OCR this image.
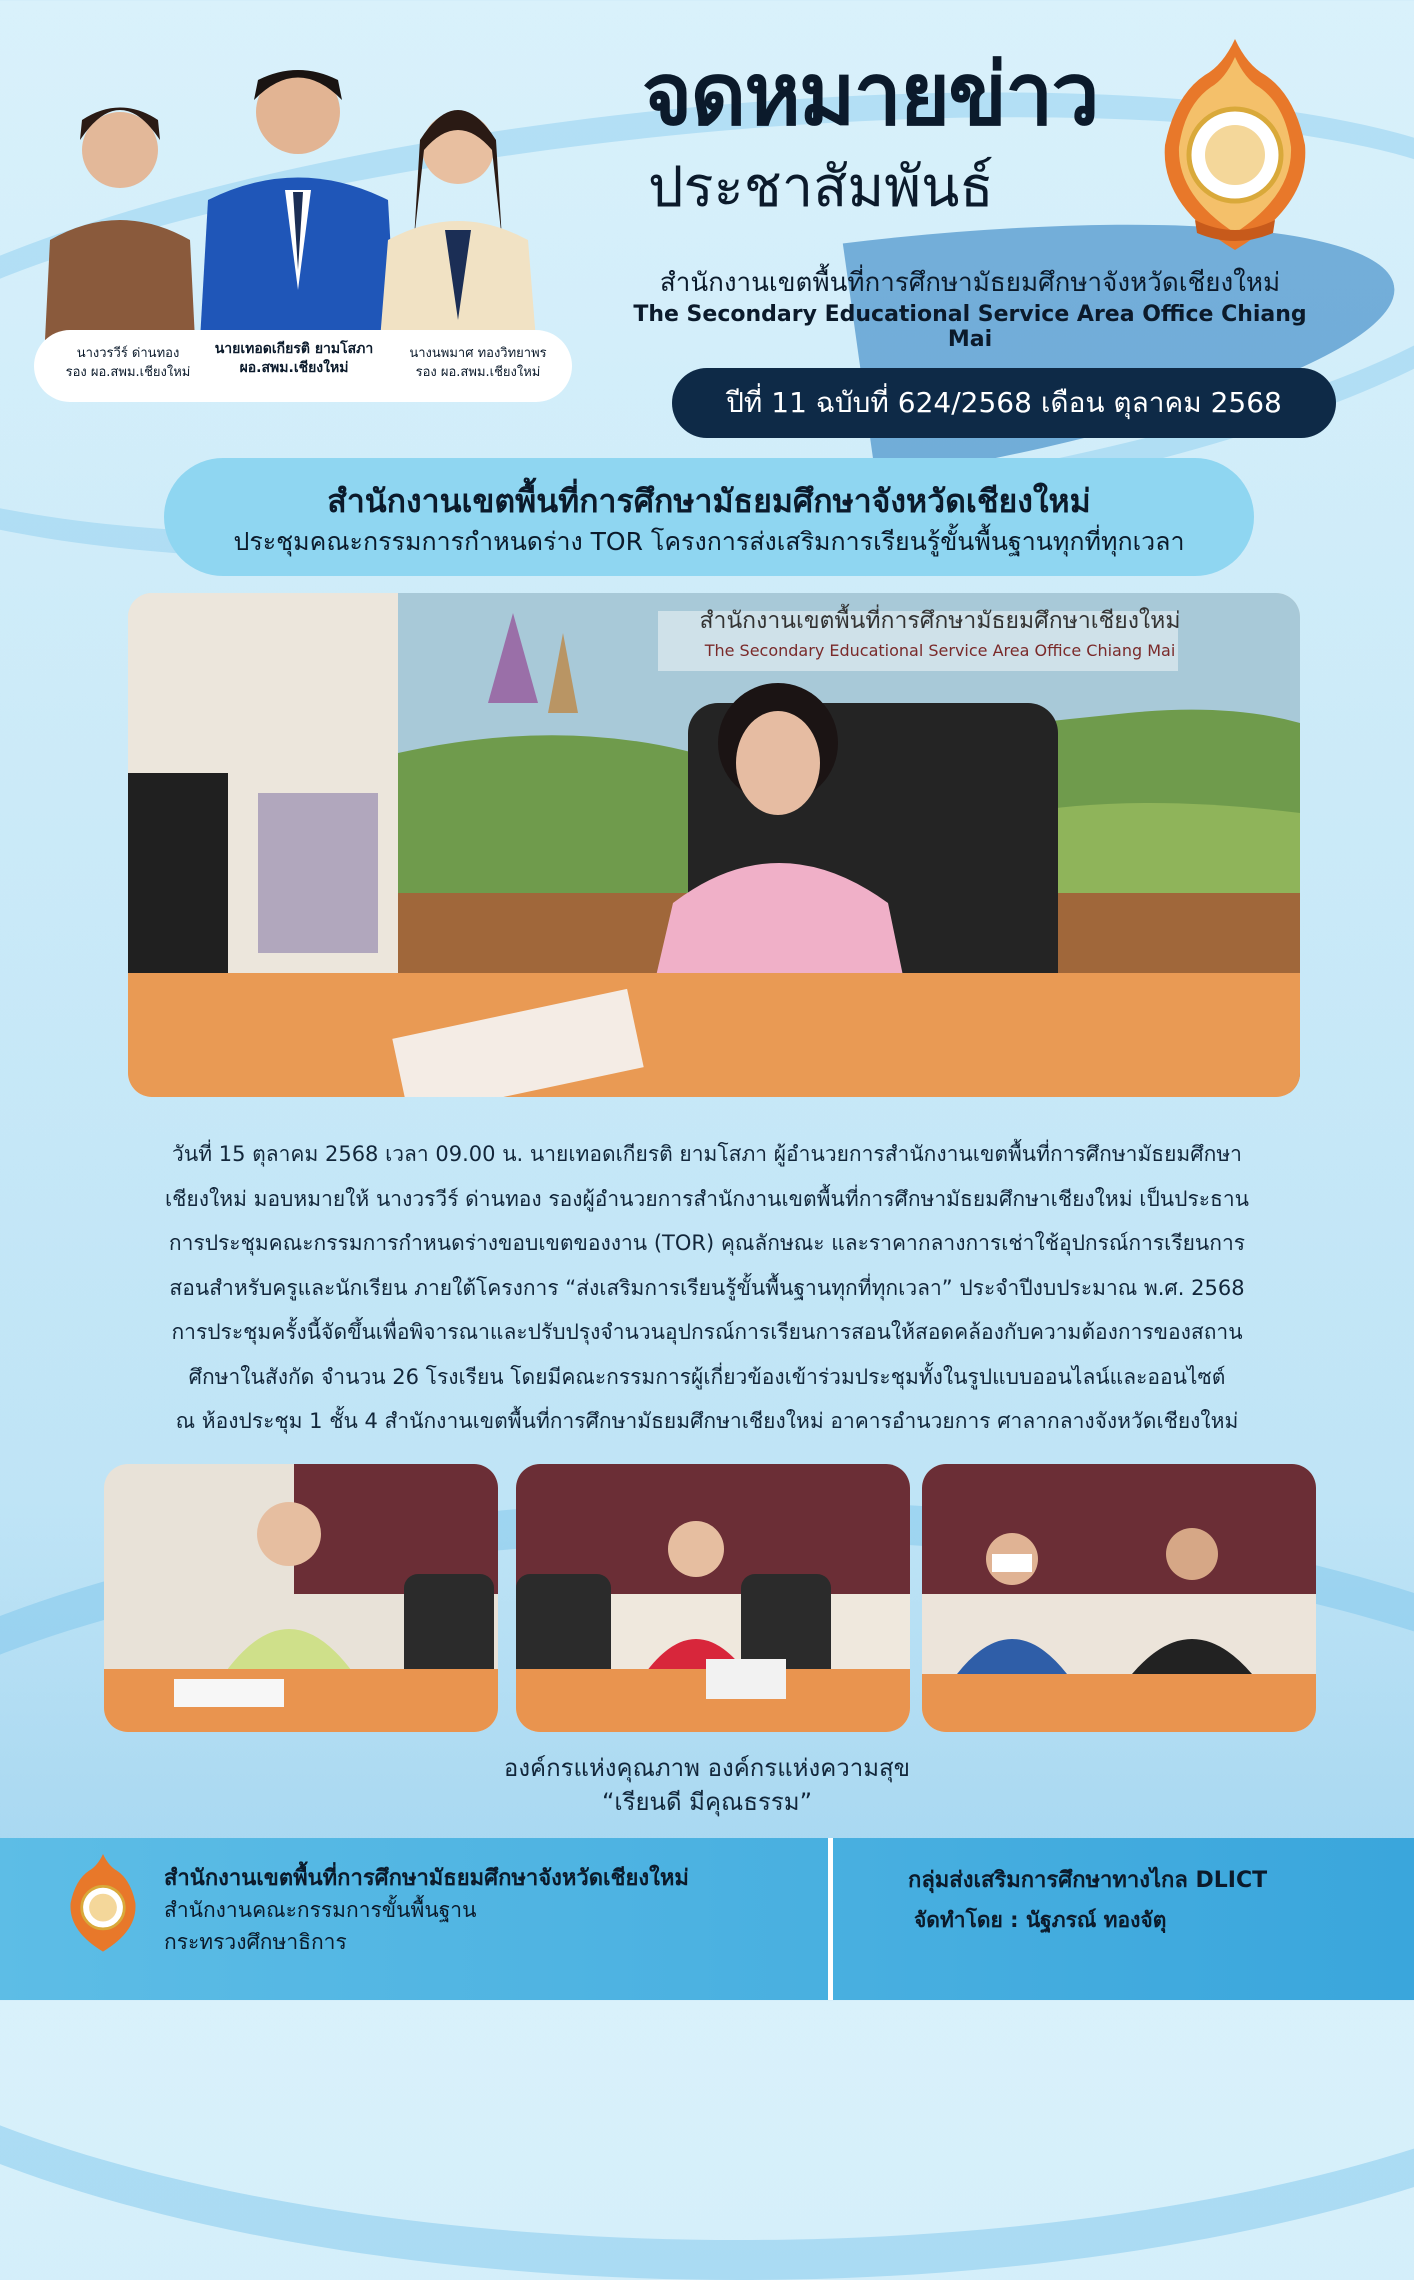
นางวรวีร์ ด่านทอง
รอง ผอ.สพม.เชียงใหม่
นายเทอดเกียรติ ยามโสภา
ผอ.สพม.เชียงใหม่
นางนพมาศ ทองวิทยาพร
รอง ผอ.สพม.เชียงใหม่
จดหมายข่าว
ประชาสัมพันธ์
สำนักงานเขตพื้นที่การศึกษามัธยมศึกษาจังหวัดเชียงใหม่
The Secondary Educational Service Area Office Chiang Mai
ปีที่ 11 ฉบับที่ 624/2568 เดือน ตุลาคม 2568
สำนักงานเขตพื้นที่การศึกษามัธยมศึกษาจังหวัดเชียงใหม่
ประชุมคณะกรรมการกำหนดร่าง TOR โครงการส่งเสริมการเรียนรู้ขั้นพื้นฐานทุกที่ทุกเวลา
สำนักงานเขตพื้นที่การศึกษามัธยมศึกษาเชียงใหม่
The Secondary Educational Service Area Office Chiang Mai
วันที่ 15 ตุลาคม 2568 เวลา 09.00 น. นายเทอดเกียรติ ยามโสภา ผู้อำนวยการสำนักงานเขตพื้นที่การศึกษามัธยมศึกษา
เชียงใหม่ มอบหมายให้ นางวรวีร์ ด่านทอง รองผู้อำนวยการสำนักงานเขตพื้นที่การศึกษามัธยมศึกษาเชียงใหม่ เป็นประธาน
การประชุมคณะกรรมการกำหนดร่างขอบเขตของงาน (TOR) คุณลักษณะ และราคากลางการเช่าใช้อุปกรณ์การเรียนการ
สอนสำหรับครูและนักเรียน ภายใต้โครงการ “ส่งเสริมการเรียนรู้ขั้นพื้นฐานทุกที่ทุกเวลา” ประจำปีงบประมาณ พ.ศ. 2568
การประชุมครั้งนี้จัดขึ้นเพื่อพิจารณาและปรับปรุงจำนวนอุปกรณ์การเรียนการสอนให้สอดคล้องกับความต้องการของสถาน
ศึกษาในสังกัด จำนวน 26 โรงเรียน โดยมีคณะกรรมการผู้เกี่ยวข้องเข้าร่วมประชุมทั้งในรูปแบบออนไลน์และออนไซต์
ณ ห้องประชุม 1 ชั้น 4 สำนักงานเขตพื้นที่การศึกษามัธยมศึกษาเชียงใหม่ อาคารอำนวยการ ศาลากลางจังหวัดเชียงใหม่
องค์กรแห่งคุณภาพ องค์กรแห่งความสุข
“เรียนดี มีคุณธรรม”
สำนักงานเขตพื้นที่การศึกษามัธยมศึกษาจังหวัดเชียงใหม่
สำนักงานคณะกรรมการขั้นพื้นฐาน
กระทรวงศึกษาธิการ
กลุ่มส่งเสริมการศึกษาทางไกล DLICT
จัดทำโดย : นัฐภรณ์ ทองจัตุ
